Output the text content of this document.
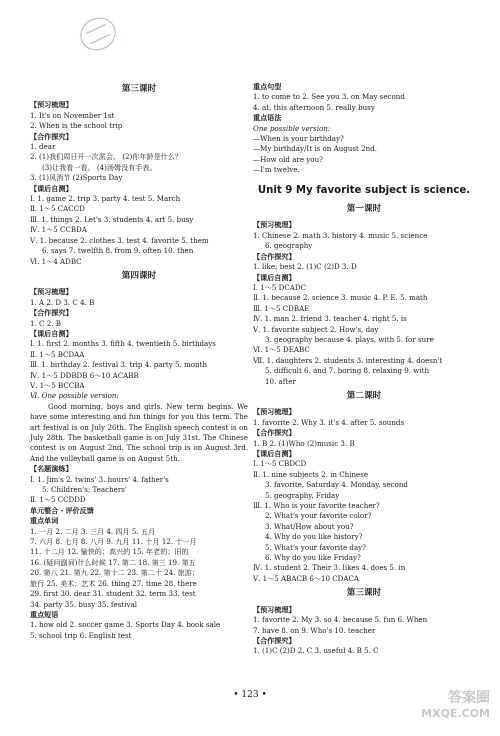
第三课时
【预习梳理】
1. It's on November 1st
2. When is the school trip
【合作探究】
1. dear
2. (1)我们周日开一次派会。 (2)你年龄是什么？
(3)让我看一看。 (4)汤姆没有手表。
3. (1)风消节 (2)Sports Day
【课后自测】
Ⅰ. 1. game 2. trip 3. party 4. test 5. March
Ⅱ. 1～5 CACCD
Ⅲ. 1. things 2. Let's 3. students 4. art 5. busy
Ⅳ. 1～5 CCBDA
Ⅴ. 1. because 2. clothes 3. test 4. favorite 5. them
6. says 7. twelfth 8. from 9. often 10. then
Ⅵ. 1～4 ADBC
第四课时
【预习梳理】
1. A 2. D 3. C 4. B
【合作探究】
1. C 2. B
【课后自测】
Ⅰ. 1. first 2. months 3. fifth 4. twentieth 5. birthdays
Ⅱ. 1～5 BCDAA
Ⅲ. 1. birthday 2. festival 3. trip 4. party 5. month
Ⅳ. 1～5 DDBDB 6～10 ACABB
Ⅴ. 1～5 BCCBA
Ⅵ. One possible version:
Good morning, boys and girls. New term begins. We have some interesting and fun things for you this term. The art festival is on July 26th. The English speech contest is on July 28th. The basketball game is on July 31st. The Chinese contest is on August 2nd. The school trip is on August 3rd. And the volleyball game is on August 5th.
【名题演练】
Ⅰ. 1. Jim's 2. twins' 3. hours' 4. father's
5. Children's; Teachers'
Ⅱ. 1～5 CCDDD
单元整合・评价反馈
重点单词
1. 一月 2. 二月 3. 三月 4. 四月 5. 五月
7. 六月 8. 七月 8. 八月 9. 九月 11. 十月 12. 十一月
11. 十二月 12. 愉快的；高兴的 15. 年老的；旧的
16. (疑问副词)什么时候 17. 第二 18. 第三 19. 第五
20. 第八 21. 第九 22. 第十二 23. 第二十 24. 旅游；
旅行 25. 美术；艺术 26. thing 27. time 28. there
29. first 30. dear 31. student 32. term 33. test
34. party 35. busy 35. festival
重点短语
1. how old 2. soccer game 3. Sports Day 4. book sale
5. school trip 6. English test
重点句型
1. to come to 2. See you 3. on May second
4. at, this afternoon 5. really busy
重点语法
One possible version:
—When is your birthday?
—My birthday/It is on August 2nd.
—How old are you?
—I'm twelve.
Unit 9 My favorite subject is science.
第一课时
【预习梳理】
1. Chinese 2. math 3. history 4. music 5. science
6. geography
【合作探究】
1. like; best 2. (1)C (2)D 3. D
【课后自测】
Ⅰ. 1～5 DCADC
Ⅱ. 1. because 2. science 3. music 4. P. E. 5. math
Ⅲ. 1～5 CDBAE
Ⅳ. 1. man 2. friend 3. teacher 4. right 5. is
Ⅴ. 1. favorite subject 2. How's, day
3. geography because 4. plays, with 5. for sure
Ⅵ. 1～5 DEABC
Ⅶ. 1. daughters 2. students 3. interesting 4. doesn't
5. difficult 6. and 7. boring 8. relaxing 9. with
10. after
第二课时
【预习梳理】
1. favorite 2. Why 3. it's 4. after 5. sounds
【合作探究】
1. B 2. (1)Who (2)music 3. B
【课后自测】
Ⅰ. 1～5 CBDCD
Ⅱ. 1. nine subjects 2. in Chinese
3. favorite, Saturday 4. Monday, second
5. geography, Friday
Ⅲ. 1. Who is your favorite teacher?
2. What's your favorite color?
3. What/How about you?
4. Why do you like history?
5. What's your favorite day?
6. Why do you like Friday?
Ⅳ. 1. student 2. Their 3. likes 4. does 5. in
Ⅴ. 1～5 ABACB 6～10 CDACA
第三课时
【预习梳理】
1. favorite 2. My 3. so 4. because 5. fun 6. When
7. have 8. on 9. Who's 10. teacher
【合作探究】
1. (1)C (2)D 2. C 3. useful 4. B 5. C
• 123 •	答案圈
MXQE.COM
